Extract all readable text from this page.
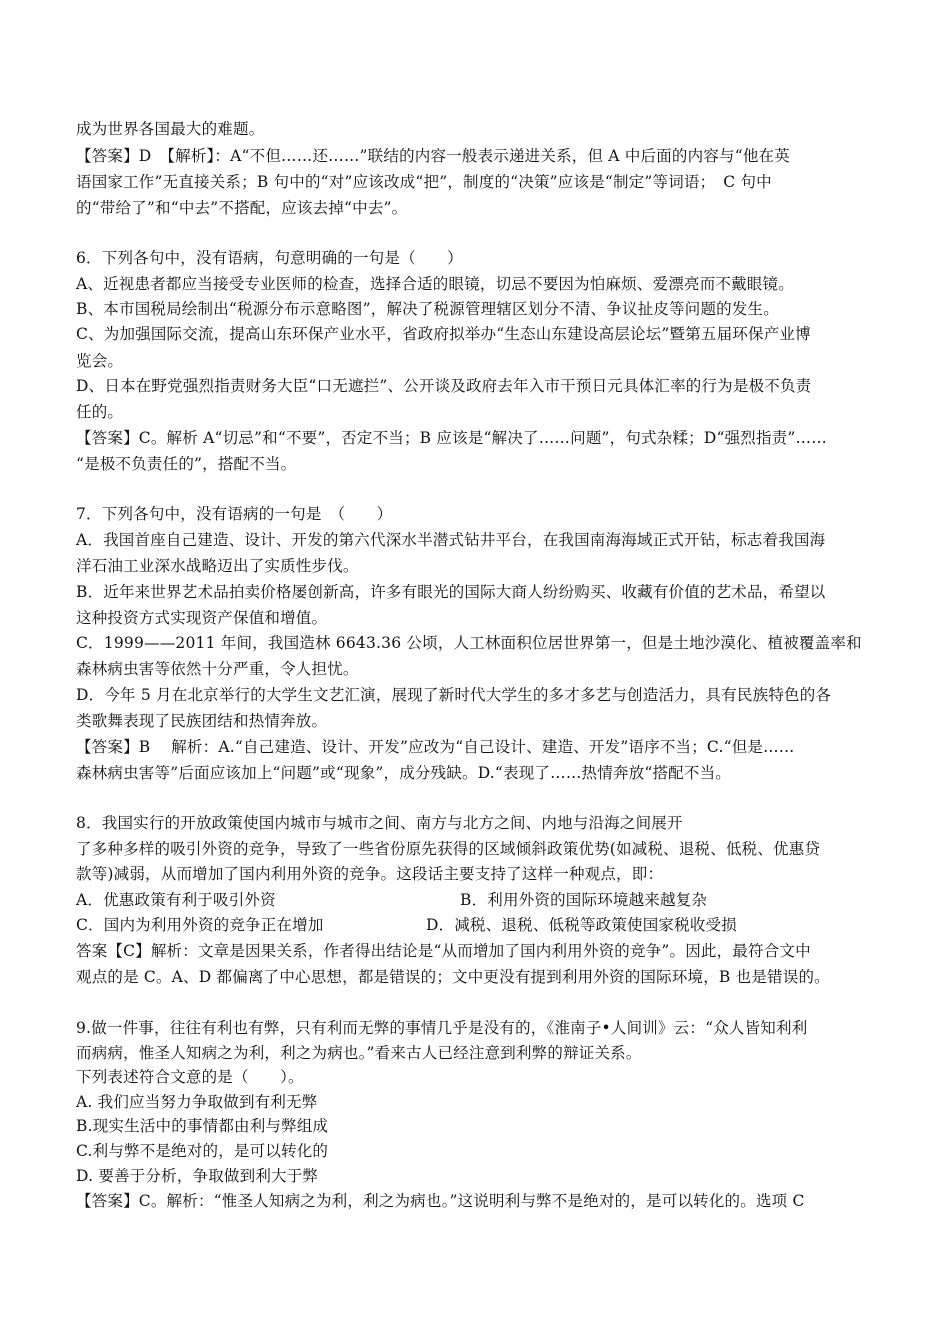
成为世界各国最大的难题。
【答案】D　【解析】：A“不但……还……”联结的内容一般表示递进关系，但 A 中后面的内容与“他在英
语国家工作”无直接关系；B 句中的“对”应该改成“把”，制度的“决策”应该是“制定”等词语；　C 句中
的“带给了”和“中去”不搭配，应该去掉“中去”。
6．下列各句中，没有语病，句意明确的一句是（　　）
A、近视患者都应当接受专业医师的检查，选择合适的眼镜，切忌不要因为怕麻烦、爱漂亮而不戴眼镜。
B、本市国税局绘制出“税源分布示意略图”，解决了税源管理辖区划分不清、争议扯皮等问题的发生。
C、为加强国际交流，提高山东环保产业水平，省政府拟举办“生态山东建设高层论坛”暨第五届环保产业博
览会。
D、日本在野党强烈指责财务大臣“口无遮拦”、公开谈及政府去年入市干预日元具体汇率的行为是极不负责
任的。
【答案】C。解析 A“切忌”和“不要”，否定不当；B 应该是“解决了……问题”，句式杂糅；D“强烈指责”……
“是极不负责任的”，搭配不当。
7．下列各句中，没有语病的一句是　（　　）
A．我国首座自己建造、设计、开发的第六代深水半潜式钻井平台，在我国南海海域正式开钻，标志着我国海
洋石油工业深水战略迈出了实质性步伐。
B．近年来世界艺术品拍卖价格屡创新高，许多有眼光的国际大商人纷纷购买、收藏有价值的艺术品，希望以
这种投资方式实现资产保值和增值。
C．1999——2011 年间，我国造林 6643.36 公顷，人工林面积位居世界第一，但是土地沙漠化、植被覆盖率和
森林病虫害等依然十分严重，令人担忧。
D．今年 5 月在北京举行的大学生文艺汇演，展现了新时代大学生的多才多艺与创造活力，具有民族特色的各
类歌舞表现了民族团结和热情奔放。
【答案】B　 解析：A.“自己建造、设计、开发”应改为“自己设计、建造、开发”语序不当；C.“但是……
森林病虫害等”后面应该加上“问题”或“现象”，成分残缺。D.“表现了……热情奔放“搭配不当。
8．我国实行的开放政策使国内城市与城市之间、南方与北方之间、内地与沿海之间展开
了多种多样的吸引外资的竞争，导致了一些省份原先获得的区域倾斜政策优势(如减税、退税、低税、优惠贷
款等)减弱，从而增加了国内利用外资的竞争。这段话主要支持了这样一种观点，即：
A．优惠政策有利于吸引外资	B．利用外资的国际环境越来越复杂
C．国内为利用外资的竞争正在增加	D．减税、退税、低税等政策使国家税收受损
答案【C】解析：文章是因果关系，作者得出结论是“从而增加了国内利用外资的竞争”。因此，最符合文中
观点的是 C。A、D 都偏离了中心思想，都是错误的；文中更没有提到利用外资的国际环境，B 也是错误的。
9.做一件事，往往有利也有弊，只有利而无弊的事情几乎是没有的，《淮南子•人间训》云：“众人皆知利利
而病病，惟圣人知病之为利，利之为病也。”看来古人已经注意到利弊的辩证关系。
下列表述符合文意的是（　　）。
A. 我们应当努力争取做到有利无弊
B.现实生活中的事情都由利与弊组成
C.利与弊不是绝对的，是可以转化的
D. 要善于分析，争取做到利大于弊
【答案】C。解析：“惟圣人知病之为利，利之为病也。”这说明利与弊不是绝对的，是可以转化的。选项 C
